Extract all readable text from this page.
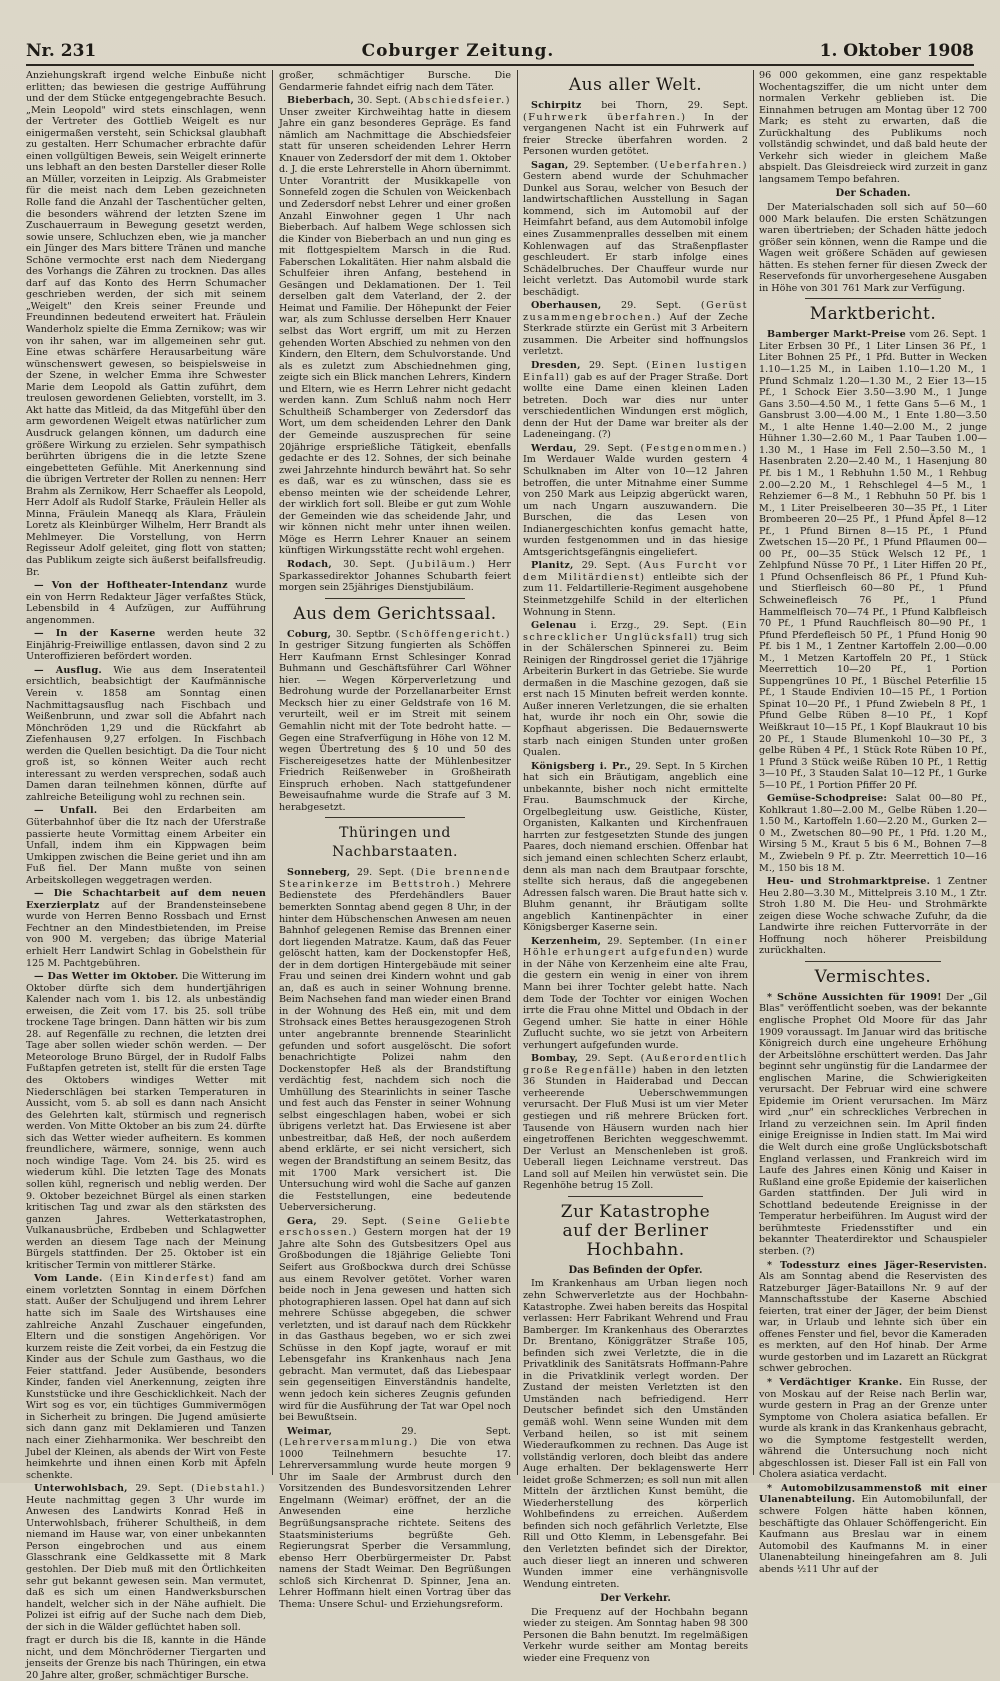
Nr. 231	Coburger Zeitung.	1. Oktober 1908

Anziehungskraft irgend welche Einbuße nicht erlitten; das bewiesen die gestrige Aufführung und der dem Stücke entgegengebrachte Besuch. „Mein Leopold" wird stets einschlagen, wenn der Vertreter des Gottlieb Weigelt es nur einigermaßen versteht, sein Schicksal glaubhaft zu gestalten. Herr Schumacher erbrachte dafür einen vollgültigen Beweis, sein Weigelt erinnerte uns lebhaft an den besten Darsteller dieser Rolle an Müller, vorzeiten in Leipzig. Als Grabmeister für die meist nach dem Leben gezeichneten Rolle fand die Anzahl der Taschentücher gelten, die besonders während der letzten Szene im Zuschauerraum in Bewegung gesetzt werden, sowie unsere, Schluchzen eben, wie ja mancher ein Jünger des Mars bittere Tränen und manche Schöne vermochte erst nach dem Niedergang des Vorhangs die Zähren zu trocknen. Das alles darf auf das Konto des Herrn Schumacher geschrieben werden, der sich mit seinem „Weigelt" den Kreis seiner Freunde und Freundinnen bedeutend erweitert hat. Fräulein Wanderholz spielte die Emma Zernikow; was wir von ihr sahen, war im allgemeinen sehr gut. Eine etwas schärfere Herausarbeitung wäre wünschenswert gewesen, so beispielsweise in der Szene, in welcher Emma ihre Schwester Marie dem Leopold als Gattin zuführt, dem treulosen gewordenen Geliebten, vorstellt, im 3. Akt hatte das Mitleid, da das Mitgefühl über den arm gewordenen Weigelt etwas natürlicher zum Ausdruck gelangen können, um dadurch eine größere Wirkung zu erzielen. Sehr sympathisch berührten übrigens die in die letzte Szene eingebetteten Gefühle. Mit Anerkennung sind die übrigen Vertreter der Rollen zu nennen: Herr Brahm als Zernikow, Herr Schaeffer als Leopold, Herr Adolf als Rudolf Starke, Fräulein Heller als Minna, Fräulein Maneqq als Klara, Fräulein Loretz als Kleinbürger Wilhelm, Herr Brandt als Mehlmeyer. Die Vorstellung, von Herrn Regisseur Adolf geleitet, ging flott von statten; das Publikum zeigte sich äußerst beifallsfreudig. Br.

— Von der Hoftheater-Intendanz wurde ein von Herrn Redakteur Jäger verfaßtes Stück, Lebensbild in 4 Aufzügen, zur Aufführung angenommen.

— In der Kaserne werden heute 32 Einjährig-Freiwillige entlassen, davon sind 2 zu Unteroffizieren befördert worden.

— Ausflug. Wie aus dem Inseratenteil ersichtlich, beabsichtigt der Kaufmännische Verein v. 1858 am Sonntag einen Nachmittagsausflug nach Fischbach und Weißenbrunn, und zwar soll die Abfahrt nach Mönchröden 1,29 und die Rückfahrt ab Ziefenhausen 9,27 erfolgen. In Fischbach werden die Quellen besichtigt. Da die Tour nicht groß ist, so können Weiter auch recht interessant zu werden versprechen, sodaß auch Damen daran teilnehmen können, dürfte auf zahlreiche Beteiligung wohl zu rechnen sein.

— Unfall. Bei den Erdarbeiten am Güterbahnhof über die Itz nach der Uferstraße passierte heute Vormittag einem Arbeiter ein Unfall, indem ihm ein Kippwagen beim Umkippen zwischen die Beine geriet und ihn am Fuß fiel. Der Mann mußte von seinen Arbeitskollegen weggetragen werden.

— Die Schachtarbeit auf dem neuen Exerzierplatz auf der Brandensteinsebene wurde von Herren Benno Rossbach und Ernst Fechtner an den Mindestbietenden, im Preise von 900 M. vergeben; das übrige Material erhielt Herr Landwirt Schlag in Gobelsthein für 125 M. Pachtgebühren.

— Das Wetter im Oktober. Die Witterung im Oktober dürfte sich dem hundertjährigen Kalender nach vom 1. bis 12. als unbeständig erweisen, die Zeit vom 17. bis 25. soll trübe trockene Tage bringen. Dann hätten wir bis zum 28. auf Regenfälle zu rechnen, die letzten drei Tage aber sollen wieder schön werden. — Der Meteorologe Bruno Bürgel, der in Rudolf Falbs Fußtapfen getreten ist, stellt für die ersten Tage des Oktobers windiges Wetter mit Niederschlägen bei starken Temperaturen in Aussicht, vom 5. ab soll es dann nach Ansicht des Gelehrten kalt, stürmisch und regnerisch werden. Von Mitte Oktober an bis zum 24. dürfte sich das Wetter wieder aufheitern. Es kommen freundlichere, wärmere, sonnige, wenn auch noch windige Tage. Vom 24. bis 25. wird es wiederum kühl. Die letzten Tage des Monats sollen kühl, regnerisch und neblig werden. Der 9. Oktober bezeichnet Bürgel als einen starken kritischen Tag und zwar als den stärksten des ganzen Jahres. Wetterkatastrophen, Vulkanausbrüche, Erdbeben und Schlagwetter werden an diesem Tage nach der Meinung Bürgels stattfinden. Der 25. Oktober ist ein kritischer Termin von mittlerer Stärke.

Vom Lande. (Ein Kinderfest) fand am einem vorletzten Sonntag in einem Dörfchen statt. Außer der Schuljugend und ihrem Lehrer hatte sich im Saale des Wirtshauses eine zahlreiche Anzahl Zuschauer eingefunden, Eltern und die sonstigen Angehörigen. Vor kurzem reiste die Zeit vorbei, da ein Festzug die Kinder aus der Schule zum Gasthaus, wo die Feier stattfand. Jeder Ausübende, besonders Kinder, fanden viel Anerkennung, zeigten ihre Kunststücke und ihre Geschicklichkeit. Nach der Wirt sog es vor, ein tüchtiges Gummivermögen in Sicherheit zu bringen. Die Jugend amüsierte sich dann ganz mit Deklamieren und Tanzen nach einer Ziehharmonika. Wer beschreibt den Jubel der Kleinen, als abends der Wirt von Feste heimkehrte und ihnen einen Korb mit Äpfeln schenkte.

Unterwohlsbach, 29. Sept. (Diebstahl.) Heute nachmittag gegen 3 Uhr wurde im Anwesen des Landwirts Konrad Heß in Unterwohlsbach, früherer Schultheiß, in dem niemand im Hause war, von einer unbekannten Person eingebrochen und aus einem Glasschrank eine Geldkassette mit 8 Mark gestohlen. Der Dieb muß mit den Örtlichkeiten sehr gut bekannt gewesen sein. Man vermutet, daß es sich um einen Handwerksburschen handelt, welcher sich in der Nähe aufhielt. Die Polizei ist eifrig auf der Suche nach dem Dieb, der sich in die Wälder geflüchtet haben soll.

fragt er durch bis die Iß, kannte in die Hände nicht, und dem Mönchröderner Tiergarten und jenseits der Grenze bis nach Thüringen, ein etwa 20 Jahre alter, großer, schmächtiger Bursche.

großer, schmächtiger Bursche. Die Gendarmerie fahndet eifrig nach dem Täter.

Bieberbach, 30. Sept. (Abschiedsfeier.) Unser zweiter Kirchweihtag hatte in diesem Jahre ein ganz besonderes Gepräge. Es fand nämlich am Nachmittage die Abschiedsfeier statt für unseren scheidenden Lehrer Herrn Knauer von Zedersdorf der mit dem 1. Oktober d. J. die erste Lehrerstelle in Ahorn übernimmt. Unter Vorantritt der Musikkapelle von Sonnefeld zogen die Schulen von Weickenbach und Zedersdorf nebst Lehrer und einer großen Anzahl Einwohner gegen 1 Uhr nach Bieberbach. Auf halbem Wege schlossen sich die Kinder von Bieberbach an und nun ging es mit flottgespieltem Marsch in die Rud. Faberschen Lokalitäten. Hier nahm alsbald die Schulfeier ihren Anfang, bestehend in Gesängen und Deklamationen. Der 1. Teil derselben galt dem Vaterland, der 2. der Heimat und Familie. Der Höhepunkt der Feier war, als zum Schlusse derselben Herr Knauer selbst das Wort ergriff, um mit zu Herzen gehenden Worten Abschied zu nehmen von den Kindern, den Eltern, dem Schulvorstande. Und als es zuletzt zum Abschiednehmen ging, zeigte sich ein Blick manchen Lehrers, Kindern und Eltern, wie es Herrn Lehrer nicht gedacht werden kann. Zum Schluß nahm noch Herr Schultheiß Schamberger von Zedersdorf das Wort, um dem scheidenden Lehrer den Dank der Gemeinde auszusprechen für seine 20jährige ersprießliche Tätigkeit, ebenfalls gedachte er des 12. Sohnes, der sich beinahe zwei Jahrzehnte hindurch bewährt hat. So sehr es daß, war es zu wünschen, dass sie es ebenso meinten wie der scheidende Lehrer, der wirklich fort soll. Bleibe er gut zum Wohle der Gemeinden wie das scheidende Jahr, und wir können nicht mehr unter ihnen weilen. Möge es Herrn Lehrer Knauer an seinem künftigen Wirkungsstätte recht wohl ergehen.

Rodach, 30. Sept. (Jubiläum.) Herr Sparkassedirektor Johannes Schubarth feiert morgen sein 25jähriges Dienstjubiläum.

Aus dem Gerichtssaal.

Coburg, 30. Septbr. (Schöffengericht.) In gestriger Sitzung fungierten als Schöffen Herr Kaufmann Ernst Schlesinger Konrad Buhmann und Geschäftsführer Carl Wöhner hier. — Wegen Körperverletzung und Bedrohung wurde der Porzellanarbeiter Ernst Mecksch hier zu einer Geldstrafe von 16 M. verurteilt, weil er im Streit mit seinem Gemahlin nicht mit der Tote bedroht hatte. — Gegen eine Strafverfügung in Höhe von 12 M. wegen Übertretung des § 10 und 50 des Fischereigesetzes hatte der Mühlenbesitzer Friedrich Reißenweber in Großheirath Einspruch erhoben. Nach stattgefundener Beweisaufnahme wurde die Strafe auf 3 M. herabgesetzt.

Thüringen und Nachbarstaaten.

Sonneberg, 29. Sept. (Die brennende Stearinkerze im Bettstroh.) Mehrere Bedienstete des Pferdehändlers Bauer bemerkten Sonntag abend gegen 8 Uhr, in der hinter dem Hübschenschen Anwesen am neuen Bahnhof gelegenen Remise das Brennen einer dort liegenden Matratze. Kaum, daß das Feuer gelöscht hatten, kam der Dockenstopfer Heß, der in dem dortigen Hintergebäude mit seiner Frau und seinen drei Kindern wohnt und gab an, daß es auch in seiner Wohnung brenne. Beim Nachsehen fand man wieder einen Brand in der Wohnung des Heß ein, mit und dem Strohsack eines Bettes herausgezogenen Stroh unter angebrannte brennende Stearinlicht gefunden und sofort ausgelöscht. Die sofort benachrichtigte Polizei nahm den Dockenstopfer Heß als der Brandstiftung verdächtig fest, nachdem sich noch die Umhüllung des Stearinlichts in seiner Tasche und fest auch das Fenster in seiner Wohnung selbst eingeschlagen haben, wobei er sich übrigens verletzt hat. Das Erwiesene ist aber unbestreitbar, daß Heß, der noch außerdem abend erklärte, er sei nicht versichert, sich wegen der Brandstiftung an seinem Besitz, das mit 1700 Mark versichert ist. Die Untersuchung wird wohl die Sache auf ganzen die Feststellungen, eine bedeutende Ueberversicherung.

Gera, 29. Sept. (Seine Geliebte erschossen.) Gestern morgen hat der 19 Jahre alte Sohn des Gutsbesitzers Opel aus Großbodungen die 18jährige Geliebte Toni Seifert aus Großbockwa durch drei Schüsse aus einem Revolver getötet. Vorher waren beide noch in Jena gewesen und hatten sich photographieren lassen. Opel hat dann auf sich mehrere Schüsse abgegeben, die schwer verletzten, und ist darauf nach dem Rückkehr in das Gasthaus begeben, wo er sich zwei Schüsse in den Kopf jagte, worauf er mit Lebensgefahr ins Krankenhaus nach Jena gebracht. Man vermutet, daß das Liebespaar sein gegenseitigen Einverständnis handelte, wenn jedoch kein sicheres Zeugnis gefunden wird für die Ausführung der Tat war Opel noch bei Bewußtsein.

Weimar,	29. Sept. (Lehrerversammlung.) Die von etwa 1000 Teilnehmern besuchte 17. Lehrerversammlung wurde heute morgen 9 Uhr im Saale der Armbrust durch den Vorsitzenden des Bundesvorsitzenden Lehrer Engelmann (Weimar) eröffnet, der an die Anwesenden eine herzliche Begrüßungsansprache richtete. Seitens des Staatsministeriums begrüßte Geh. Regierungsrat Sperber die Versammlung, ebenso Herr Oberbürgermeister Dr. Pabst namens der Stadt Weimar. Den Begrüßungen schloß sich Kirchenrat D. Spinner, Jena an. Lehrer Hoffmann hielt einen Vortrag über das Thema: Unsere Schul- und Erziehungsreform.

Aus aller Welt.

Schirpitz bei Thorn, 29. Sept. (Fuhrwerk überfahren.) In der vergangenen Nacht ist ein Fuhrwerk auf freier Strecke überfahren worden. 2 Personen wurden getötet.

Sagan, 29. September. (Ueberfahren.) Gestern abend wurde der Schuhmacher Dunkel aus Sorau, welcher von Besuch der landwirtschaftlichen Ausstellung in Sagan kommend, sich im Automobil auf der Heimfahrt befand, aus dem Automobil infolge eines Zusammenpralles desselben mit einem Kohlenwagen auf das Straßenpflaster geschleudert. Er starb infolge eines Schädelbruches. Der Chauffeur wurde nur leicht verletzt. Das Automobil wurde stark beschädigt.

Oberhausen, 29. Sept. (Gerüst zusammengebrochen.) Auf der Zeche Sterkrade stürzte ein Gerüst mit 3 Arbeitern zusammen. Die Arbeiter sind hoffnungslos verletzt.

Dresden, 29. Sept. (Einen lustigen Einfall) gab es auf der Prager Straße. Dort wollte eine Dame einen kleinen Laden betreten. Doch war dies nur unter verschiedentlichen Windungen erst möglich, denn der Hut der Dame war breiter als der Ladeneingang. (?)

Werdau, 29. Sept. (Festgenommen.) Im Werdauer Walde wurden gestern 4 Schulknaben im Alter von 10—12 Jahren betroffen, die unter Mitnahme einer Summe von 250 Mark aus Leipzig abgerückt waren, um nach Ungarn auszuwandern. Die Burschen, die das Lesen von Indianergeschichten konfus gemacht hatte, wurden festgenommen und in das hiesige Amtsgerichtsgefängnis eingeliefert.

Planitz, 29. Sept. (Aus Furcht vor dem Militärdienst) entleibte sich der zum 11. Feldartillerie-Regiment ausgehobene Steinmetzgehilfe Schild in der elterlichen Wohnung in Stenn.

Gelenau i. Erzg., 29. Sept. (Ein schrecklicher Unglücksfall) trug sich in der Schälerschen Spinnerei zu. Beim Reinigen der Ringdrossel geriet die 17jährige Arbeiterin Burkert in das Getriebe. Sie wurde dermaßen in die Maschine gezogen, daß sie erst nach 15 Minuten befreit werden konnte. Außer inneren Verletzungen, die sie erhalten hat, wurde ihr noch ein Ohr, sowie die Kopfhaut abgerissen. Die Bedauernswerte starb nach einigen Stunden unter großen Qualen.

Königsberg i. Pr., 29. Sept. In 5 Kirchen hat sich ein Bräutigam, angeblich eine unbekannte, bisher noch nicht ermittelte Frau. Baumschmuck der Kirche, Orgelbegleitung usw. Geistliche, Küster, Organisten, Kalkanten und Kirchenfrauen harrten zur festgesetzten Stunde des jungen Paares, doch niemand erschien. Offenbar hat sich jemand einen schlechten Scherz erlaubt, denn als man nach dem Brautpaar forschte, stellte sich heraus, daß die angegebenen Adressen falsch waren. Die Braut hatte sich v. Bluhm genannt, ihr Bräutigam sollte angeblich Kantinenpächter in einer Königsberger Kaserne sein.

Kerzenheim, 29. September. (In einer Höhle erhungert aufgefunden) wurde in der Nähe von Kerzenheim eine alte Frau, die gestern ein wenig in einer von ihrem Mann bei ihrer Tochter gelebt hatte. Nach dem Tode der Tochter vor einigen Wochen irrte die Frau ohne Mittel und Obdach in der Gegend umher. Sie hatte in einer Höhle Zuflucht suchte, wo sie jetzt von Arbeitern verhungert aufgefunden wurde.

Bombay, 29. Sept. (Außerordentlich große Regenfälle) haben in den letzten 36 Stunden in Haiderabad und Deccan verheerende Ueberschwemmungen verursacht. Der Fluß Musi ist um vier Meter gestiegen und riß mehrere Brücken fort. Tausende von Häusern wurden nach hier eingetroffenen Berichten weggeschwemmt. Der Verlust an Menschenleben ist groß. Ueberall liegen Leichname verstreut. Das Land soll auf Meilen hin verwüstet sein. Die Regenhöhe betrug 15 Zoll.

Zur Katastrophe
auf der Berliner Hochbahn.
Das Befinden der Opfer.

Im Krankenhaus am Urban liegen noch zehn Schwerverletzte aus der Hochbahn-Katastrophe. Zwei haben bereits das Hospital verlassen: Herr Fabrikant Wehrend und Frau Bamberger. Im Krankenhaus des Oberarztes Dr. Brentano, Königgrätzer Straße 105, befinden sich zwei Verletzte, die in die Privatklinik des Sanitätsrats Hoffmann-Pahre in die Privatklinik verlegt worden. Der Zustand der meisten Verletzten ist den Umständen nach befriedigend. Herr Deutscher befindet sich den Umständen gemäß wohl. Wenn seine Wunden mit dem Verband heilen, so ist mit seinem Wiederaufkommen zu rechnen. Das Auge ist vollständig verloren, doch bleibt das andere Auge erhalten. Der beklagenswerte Herr leidet große Schmerzen; es soll nun mit allen Mitteln der ärztlichen Kunst bemüht, die Wiederherstellung des körperlich Wohlbefindens zu erreichen. Außerdem befinden sich noch gefährlich Verletzte, Else Rill und Otto Klemm, in Lebensgefahr. Bei den Verletzten befindet sich der Direktor, auch dieser liegt an inneren und schweren Wunden immer eine verhängnisvolle Wendung eintreten.

Der Verkehr.

Die Frequenz auf der Hochbahn begann wieder zu steigen. Am Sonntag haben 98 300 Personen die Bahn benutzt. Im regelmäßigen Verkehr wurde seither am Montag bereits wieder eine Frequenz von

96 000 gekommen, eine ganz respektable Wochentagsziffer, die um nicht unter dem normalen Verkehr geblieben ist. Die Einnahmen betrugen am Montag über 12 700 Mark; es steht zu erwarten, daß die Zurückhaltung des Publikums noch vollständig schwindet, und daß bald heute der Verkehr sich wieder in gleichem Maße abspielt. Das Gleisdreieck wird zurzeit in ganz langsamem Tempo befahren.

Der Schaden.

Der Materialschaden soll sich auf 50—60 000 Mark belaufen. Die ersten Schätzungen waren übertrieben; der Schaden hätte jedoch größer sein können, wenn die Rampe und die Wagen weit größere Schäden auf gewiesen hätten. Es stehen ferner für diesen Zweck der Reservefonds für unvorhergesehene Ausgaben in Höhe von 301 761 Mark zur Verfügung.

Marktbericht.

Bamberger Markt-Preise vom 26. Sept. 1 Liter Erbsen 30 Pf., 1 Liter Linsen 36 Pf., 1 Liter Bohnen 25 Pf., 1 Pfd. Butter in Wecken 1.10—1.25 M., in Laiben 1.10—1.20 M., 1 Pfund Schmalz 1.20—1.30 M., 2 Eier 13—15 Pf., 1 Schock Eier 3.50—3.90 M., 1 Junge Gans 3.50—4.50 M., 1 fette Gans 5—6 M., 1 Gansbrust 3.00—4.00 M., 1 Ente 1.80—3.50 M., 1 alte Henne 1.40—2.00 M., 2 junge Hühner 1.30—2.60 M., 1 Paar Tauben 1.00—1.30 M., 1 Hase im Fell 2.50—3.50 M., 1 Hasenbraten 2.20—2.40 M., 1 Hasenjung 80 Pf. bis 1 M., 1 Rebhuhn 1.50 M., 1 Rehbug 2.00—2.20 M., 1 Rehschlegel 4—5 M., 1 Rehziemer 6—8 M., 1 Rebhuhn 50 Pf. bis 1 M., 1 Liter Preiselbeeren 30—35 Pf., 1 Liter Brombeeren 20—25 Pf., 1 Pfund Äpfel 8—12 Pf., 1 Pfund Birnen 8—15 Pf., 1 Pfund Zwetschen 15—20 Pf., 1 Pfund Pflaumen 00—00 Pf., 00—35 Stück Welsch 12 Pf., 1 Zehlpfund Nüsse 70 Pf., 1 Liter Hiffen 20 Pf., 1 Pfund Ochsenfleisch 86 Pf., 1 Pfund Kuh- und Stierfleisch 60—80 Pf., 1 Pfund Schweinefleisch 76 Pf., 1 Pfund Hammelfleisch 70—74 Pf., 1 Pfund Kalbfleisch 70 Pf., 1 Pfund Rauchfleisch 80—90 Pf., 1 Pfund Pferdefleisch 50 Pf., 1 Pfund Honig 90 Pf. bis 1 M., 1 Zentner Kartoffeln 2.00—0.00 M., 1 Metzen Kartoffeln 20 Pf., 1 Stück Meerrettich 10—20 Pf., 1 Portion Suppengrünes 10 Pf., 1 Büschel Peterfilie 15 Pf., 1 Staude Endivien 10—15 Pf., 1 Portion Spinat 10—20 Pf., 1 Pfund Zwiebeln 8 Pf., 1 Pfund Gelbe Rüben 8—10 Pf., 1 Kopf Weißkraut 10—15 Pf., 1 Kopf Blaukraut 10 bis 20 Pf., 1 Staude Blumenkohl 10—30 Pf., 3 gelbe Rüben 4 Pf., 1 Stück Rote Rüben 10 Pf., 1 Pfund 3 Stück weiße Rüben 10 Pf., 1 Rettig 3—10 Pf., 3 Stauden Salat 10—12 Pf., 1 Gurke 5—10 Pf., 1 Portion Pfiffer 20 Pf.

Gemüse-Schodpreise: Salat 00—80 Pf., Kohlkraut 1.80—2.00 M., Gelbe Rüben 1.20—1.50 M., Kartoffeln 1.60—2.20 M., Gurken 2—0 M., Zwetschen 80—90 Pf., 1 Pfd. 1.20 M., Wirsing 5 M., Kraut 5 bis 6 M., Bohnen 7—8 M., Zwiebeln 9 Pf. p. Ztr. Meerrettich 10—16 M., 150 bis 18 M.

Heu- und Strohmarktpreise. 1 Zentner Heu 2.80—3.30 M., Mittelpreis 3.10 M., 1 Ztr. Stroh 1.80 M. Die Heu- und Strohmärkte zeigen diese Woche schwache Zufuhr, da die Landwirte ihre reichen Futtervorräte in der Hoffnung noch höherer Preisbildung zurückhalten.

Vermischtes.

* Schöne Aussichten für 1909! Der „Gil Blas" veröffentlicht soeben, was der bekannte englische Prophet Old Moore für das Jahr 1909 voraussagt. Im Januar wird das britische Königreich durch eine ungeheure Erhöhung der Arbeitslöhne erschüttert werden. Das Jahr beginnt sehr ungünstig für die Landarmee der englischen Marine, die Schwierigkeiten verursacht. Der Februar wird eine schwere Epidemie im Orient verursachen. Im März wird „nur" ein schreckliches Verbrechen in Irland zu verzeichnen sein. Im April finden einige Ereignisse in Indien statt. Im Mai wird die Welt durch eine große Unglücksbotschaft England verlassen, und Frankreich wird im Laufe des Jahres einen König und Kaiser in Rußland eine große Epidemie der kaiserlichen Garden stattfinden. Der Juli wird in Schottland bedeutende Ereignisse in der Temperatur herbeiführen. Im August wird der berühmteste Friedensstifter und ein bekannter Theaterdirektor und Schauspieler sterben. (?)

* Todessturz eines Jäger-Reservisten. Als am Sonntag abend die Reservisten des Ratzeburger Jäger-Bataillons Nr. 9 auf der Mannschaftsstube der Kaserne Abschied feierten, trat einer der Jäger, der beim Dienst war, in Urlaub und lehnte sich über ein offenes Fenster und fiel, bevor die Kameraden es merkten, auf den Hof hinab. Der Arme wurde gestorben und im Lazarett an Rückgrat schwer gebrochen.

* Verdächtiger Kranke. Ein Russe, der von Moskau auf der Reise nach Berlin war, wurde gestern in Prag an der Grenze unter Symptome von Cholera asiatica befallen. Er wurde als krank in das Krankenhaus gebracht, wo die Symptome festgestellt werden, während die Untersuchung noch nicht abgeschlossen ist. Dieser Fall ist ein Fall von Cholera asiatica verdacht.

* Automobilzusammenstoß mit einer Ulanenabteilung. Ein Automobilunfall, der schwere Folgen hätte haben können, beschäftigte das Ohlauer Schöffengericht. Ein Kaufmann aus Breslau war in einem Automobil des Kaufmanns M. in einer Ulanenabteilung hineingefahren am 8. Juli abends ½11 Uhr auf der
